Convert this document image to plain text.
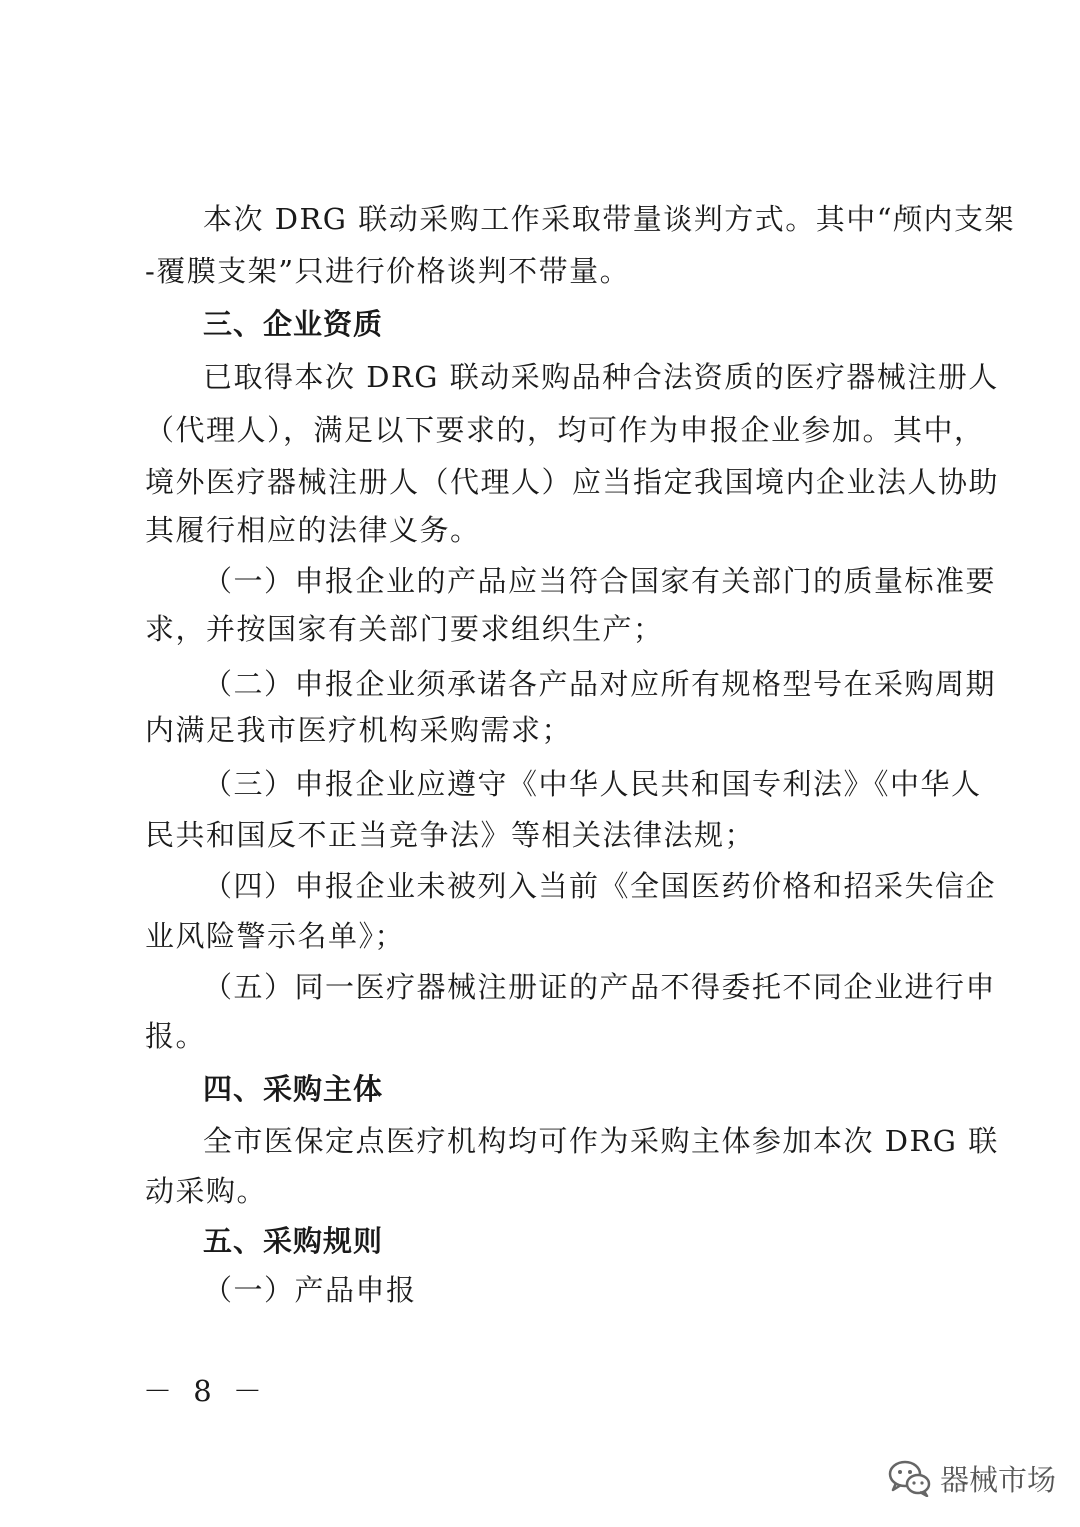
本次 DRG 联动采购工作采取带量谈判方式。其中“颅内支架
-覆膜支架”只进行价格谈判不带量。
三、企业资质
已取得本次 DRG 联动采购品种合法资质的医疗器械注册人
（代理人），满足以下要求的，均可作为申报企业参加。其中，
境外医疗器械注册人（代理人）应当指定我国境内企业法人协助
其履行相应的法律义务。
（一）申报企业的产品应当符合国家有关部门的质量标准要
求，并按国家有关部门要求组织生产；
（二）申报企业须承诺各产品对应所有规格型号在采购周期
内满足我市医疗机构采购需求；
（三）申报企业应遵守《中华人民共和国专利法》《中华人
民共和国反不正当竞争法》等相关法律法规；
（四）申报企业未被列入当前《全国医药价格和招采失信企
业风险警示名单》；
（五）同一医疗器械注册证的产品不得委托不同企业进行申
报。
四、采购主体
全市医保定点医疗机构均可作为采购主体参加本次 DRG 联
动采购。
五、采购规则
（一）产品申报
－ 8 －
器械市场
